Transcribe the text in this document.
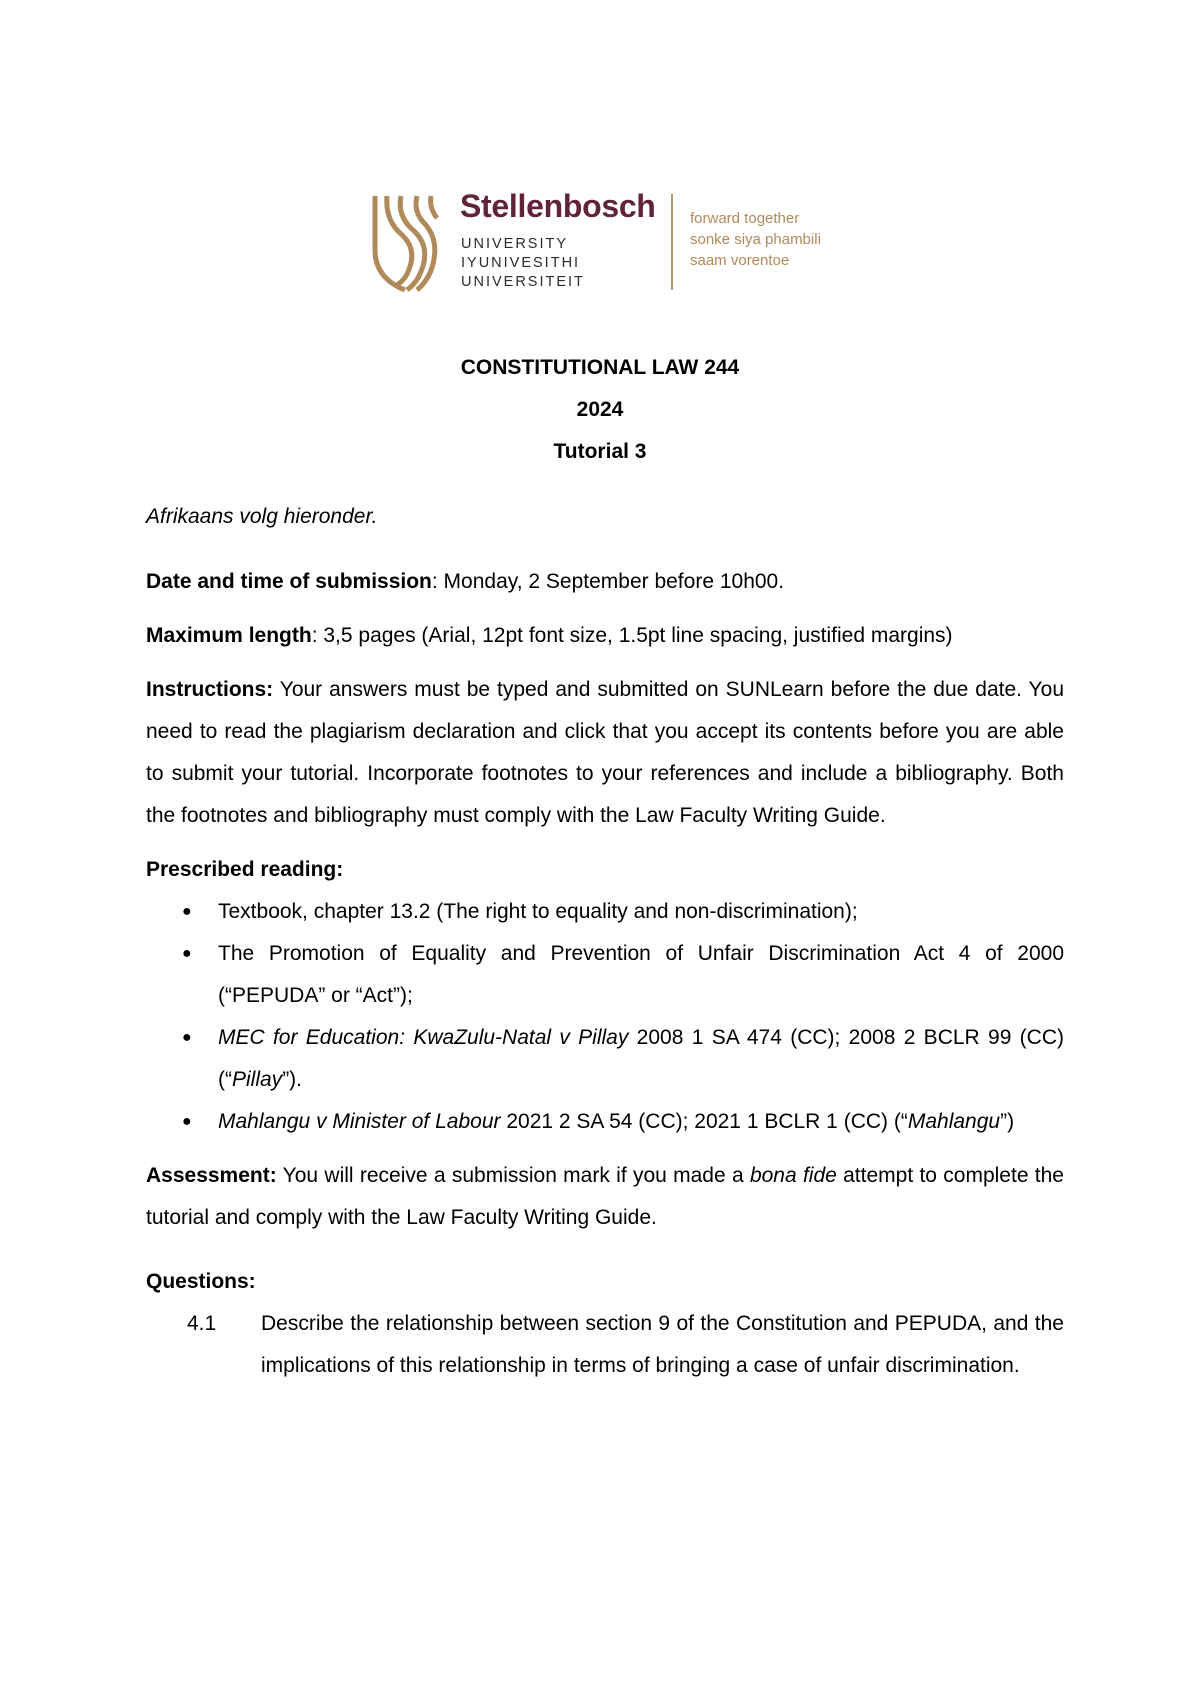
Stellenbosch
UNIVERSITY
IYUNIVESITHI
UNIVERSITEIT
forward together
sonke siya phambili
saam vorentoe
CONSTITUTIONAL LAW 244
2024
Tutorial 3
Afrikaans volg hieronder.
Date and time of submission: Monday, 2 September before 10h00.
Maximum length: 3,5 pages (Arial, 12pt font size, 1.5pt line spacing, justified margins)

Instructions: Your answers must be typed and submitted on SUNLearn before the due date. You need to read the plagiarism declaration and click that you accept its contents before you are able to submit your tutorial. Incorporate footnotes to your references and include a bibliography. Both the footnotes and bibliography must comply with the Law Faculty Writing Guide.

Prescribed reading:
● Textbook, chapter 13.2 (The right to equality and non-discrimination);
● The Promotion of Equality and Prevention of Unfair Discrimination Act 4 of 2000 (“PEPUDA” or “Act”);
● MEC for Education: KwaZulu-Natal v Pillay 2008 1 SA 474 (CC); 2008 2 BCLR 99 (CC) (“Pillay”).
● Mahlangu v Minister of Labour 2021 2 SA 54 (CC); 2021 1 BCLR 1 (CC) (“Mahlangu”)

Assessment: You will receive a submission mark if you made a bona fide attempt to complete the tutorial and comply with the Law Faculty Writing Guide.

Questions:
4.1 Describe the relationship between section 9 of the Constitution and PEPUDA, and the implications of this relationship in terms of bringing a case of unfair discrimination.
